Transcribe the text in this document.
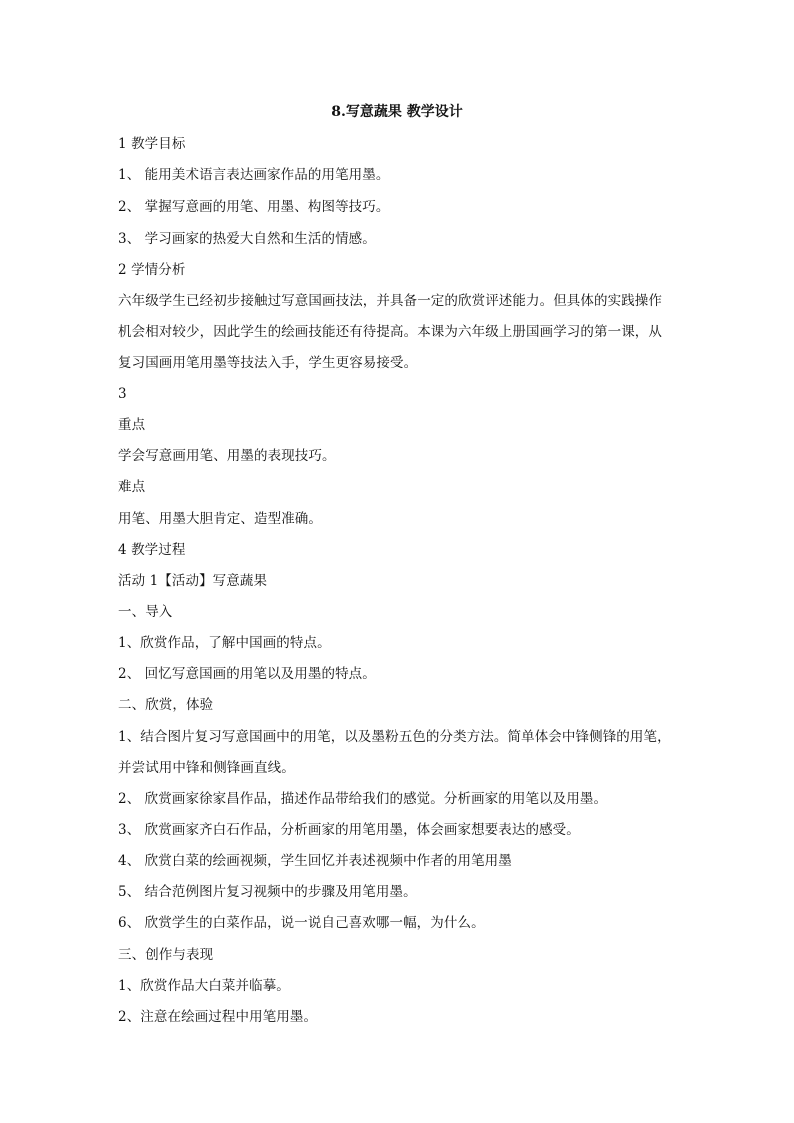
8.写意蔬果 教学设计
1 教学目标
1、 能用美术语言表达画家作品的用笔用墨。
2、 掌握写意画的用笔、用墨、构图等技巧。
3、 学习画家的热爱大自然和生活的情感。
2 学情分析
六年级学生已经初步接触过写意国画技法，并具备一定的欣赏评述能力。但具体的实践操作
机会相对较少，因此学生的绘画技能还有待提高。本课为六年级上册国画学习的第一课，从
复习国画用笔用墨等技法入手，学生更容易接受。
3
重点
学会写意画用笔、用墨的表现技巧。
难点
用笔、用墨大胆肯定、造型准确。
4 教学过程
活动 1【活动】写意蔬果
一、导入
1、欣赏作品，了解中国画的特点。
2、 回忆写意国画的用笔以及用墨的特点。
二、欣赏，体验
1、结合图片复习写意国画中的用笔，以及墨粉五色的分类方法。简单体会中锋侧锋的用笔，
并尝试用中锋和侧锋画直线。
2、 欣赏画家徐家昌作品，描述作品带给我们的感觉。分析画家的用笔以及用墨。
3、 欣赏画家齐白石作品，分析画家的用笔用墨，体会画家想要表达的感受。
4、 欣赏白菜的绘画视频，学生回忆并表述视频中作者的用笔用墨
5、 结合范例图片复习视频中的步骤及用笔用墨。
6、 欣赏学生的白菜作品，说一说自己喜欢哪一幅，为什么。
三、创作与表现
1、欣赏作品大白菜并临摹。
2、注意在绘画过程中用笔用墨。
